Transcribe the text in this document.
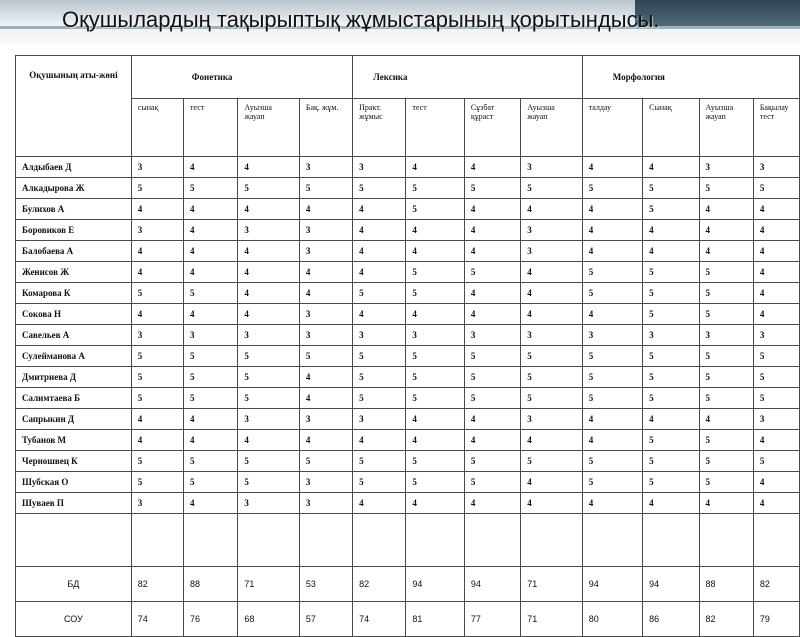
Оқушылардың тақырыптық жұмыстарының қорытындысы.
Оқушының аты-жөні	Фонетика				Лексика				Морфология			
	сынақ	тест	Ауызша жауап	Бақ. жұм.	Практ. жұмыс	тест	Сұзбат құраст	Ауызша жауап	талдау	Сынақ	Ауызша жауап	Бақылау тест
Алдыбаев Д	3	4	4	3	3	4	4	3	4	4	3	3
Алкадырова Ж	5	5	5	5	5	5	5	5	5	5	5	5
Булихов А	4	4	4	4	4	5	4	4	4	5	4	4
Боровиков Е	3	4	3	3	4	4	4	3	4	4	4	4
Балобаева А	4	4	4	3	4	4	4	3	4	4	4	4
Женисов Ж	4	4	4	4	4	5	5	4	5	5	5	4
Комарова К	5	5	4	4	5	5	4	4	5	5	5	4
Сокова Н	4	4	4	3	4	4	4	4	4	5	5	4
Савельев А	3	3	3	3	3	3	3	3	3	3	3	3
Сулейманова А	5	5	5	5	5	5	5	5	5	5	5	5
Дмитриева Д	5	5	5	4	5	5	5	5	5	5	5	5
Салимтаева Б	5	5	5	4	5	5	5	5	5	5	5	5
Сапрыкин Д	4	4	3	3	3	4	4	3	4	4	4	3
Тубанов М	4	4	4	4	4	4	4	4	4	5	5	4
Черношвец К	5	5	5	5	5	5	5	5	5	5	5	5
Шубская О	5	5	5	3	5	5	5	4	5	5	5	4
Шуваев П	3	4	3	3	4	4	4	4	4	4	4	4

БД	82	88	71	53	82	94	94	71	94	94	88	82
СОУ	74	76	68	57	74	81	77	71	80	86	82	79
